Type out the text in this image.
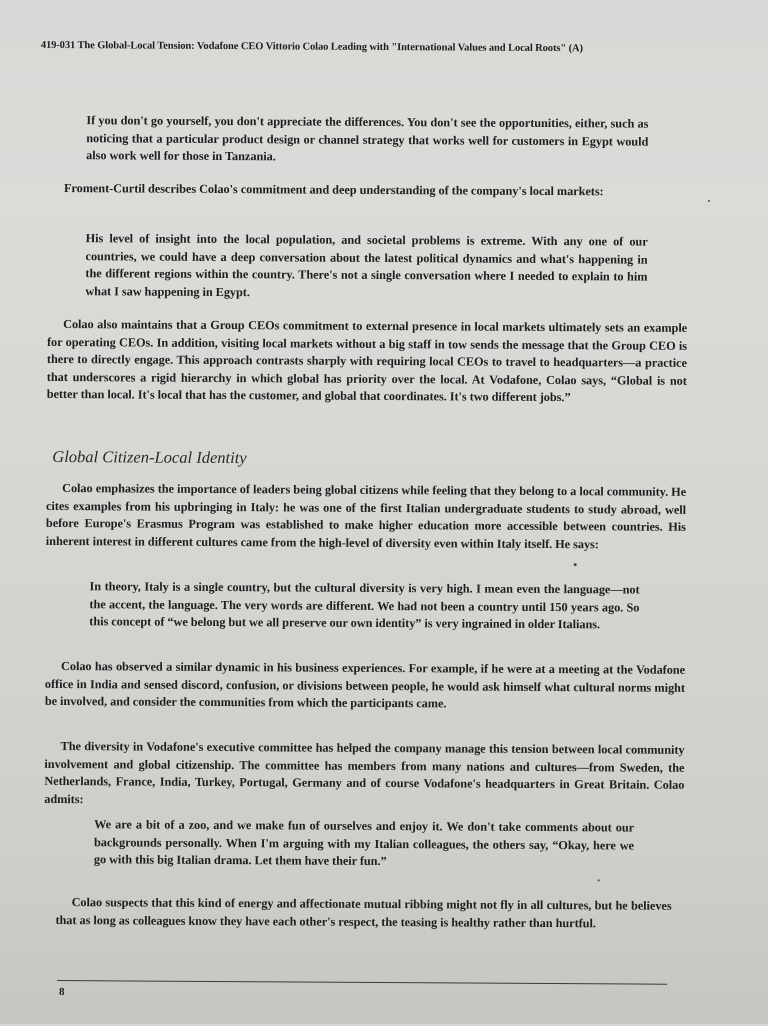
419-031 The Global-Local Tension: Vodafone CEO Vittorio Colao Leading with "International Values and Local Roots" (A)

If you don't go yourself, you don't appreciate the differences. You don't see the opportunities, either, such as noticing that a particular product design or channel strategy that works well for customers in Egypt would also work well for those in Tanzania.

Froment-Curtil describes Colao's commitment and deep understanding of the company's local markets:

His level of insight into the local population, and societal problems is extreme. With any one of our countries, we could have a deep conversation about the latest political dynamics and what's happening in the different regions within the country. There's not a single conversation where I needed to explain to him what I saw happening in Egypt.

Colao also maintains that a Group CEOs commitment to external presence in local markets ultimately sets an example for operating CEOs. In addition, visiting local markets without a big staff in tow sends the message that the Group CEO is there to directly engage. This approach contrasts sharply with requiring local CEOs to travel to headquarters—a practice that underscores a rigid hierarchy in which global has priority over the local. At Vodafone, Colao says, “Global is not better than local. It's local that has the customer, and global that coordinates. It's two different jobs.”

Global Citizen-Local Identity

Colao emphasizes the importance of leaders being global citizens while feeling that they belong to a local community. He cites examples from his upbringing in Italy: he was one of the first Italian undergraduate students to study abroad, well before Europe's Erasmus Program was established to make higher education more accessible between countries. His inherent interest in different cultures came from the high-level of diversity even within Italy itself. He says:

In theory, Italy is a single country, but the cultural diversity is very high. I mean even the language—not the accent, the language. The very words are different. We had not been a country until 150 years ago. So this concept of “we belong but we all preserve our own identity” is very ingrained in older Italians.

Colao has observed a similar dynamic in his business experiences. For example, if he were at a meeting at the Vodafone office in India and sensed discord, confusion, or divisions between people, he would ask himself what cultural norms might be involved, and consider the communities from which the participants came.

The diversity in Vodafone's executive committee has helped the company manage this tension between local community involvement and global citizenship. The committee has members from many nations and cultures—from Sweden, the Netherlands, France, India, Turkey, Portugal, Germany and of course Vodafone's headquarters in Great Britain. Colao admits:

We are a bit of a zoo, and we make fun of ourselves and enjoy it. We don't take comments about our backgrounds personally. When I'm arguing with my Italian colleagues, the others say, “Okay, here we go with this big Italian drama. Let them have their fun.”

Colao suspects that this kind of energy and affectionate mutual ribbing might not fly in all cultures, but he believes that as long as colleagues know they have each other's respect, the teasing is healthy rather than hurtful.

8
